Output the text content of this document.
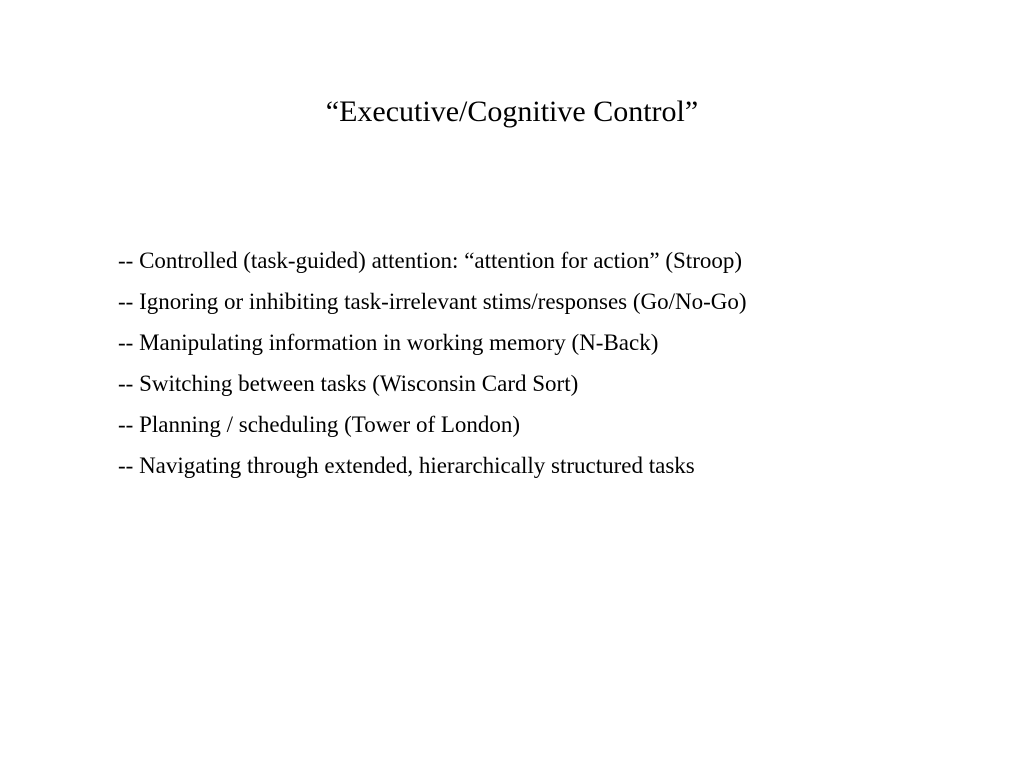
“Executive/Cognitive Control”
-- Controlled (task-guided) attention: “attention for action” (Stroop)
-- Ignoring or inhibiting task-irrelevant stims/responses (Go/No-Go)
-- Manipulating information in working memory (N-Back)
-- Switching between tasks (Wisconsin Card Sort)
-- Planning / scheduling (Tower of London)
-- Navigating through extended, hierarchically structured tasks
